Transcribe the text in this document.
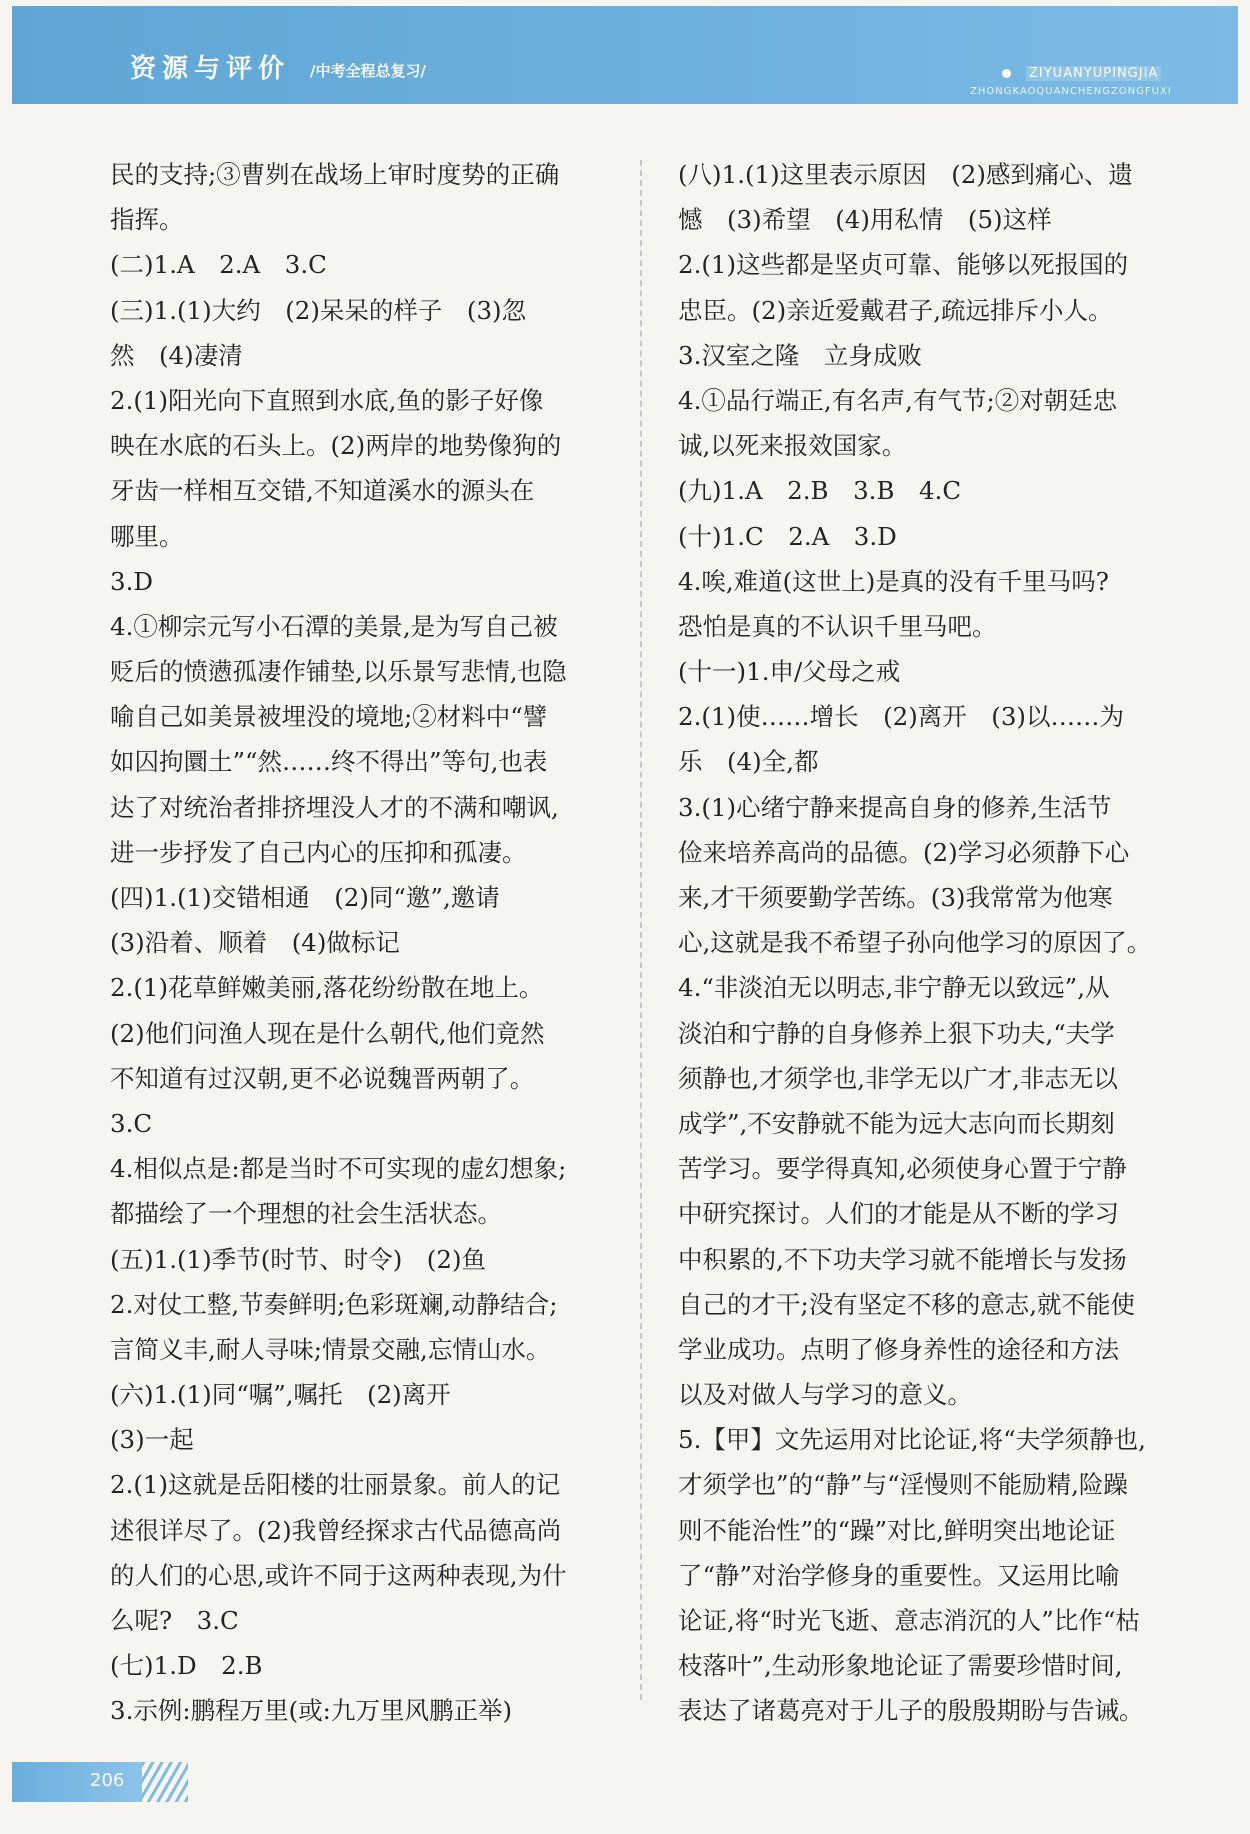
资源与评价 /中考全程总复习/	ZIYUANYUPINGJIA
ZHONGKAOQUANCHENGZONGFUXI
民的支持;③曹刿在战场上审时度势的正确
指挥。
(二)1.A　2.A　3.C
(三)1.(1)大约　(2)呆呆的样子　(3)忽
然　(4)凄清
2.(1)阳光向下直照到水底,鱼的影子好像
映在水底的石头上。(2)两岸的地势像狗的
牙齿一样相互交错,不知道溪水的源头在
哪里。
3.D
4.①柳宗元写小石潭的美景,是为写自己被
贬后的愤懑孤凄作铺垫,以乐景写悲情,也隐
喻自己如美景被埋没的境地;②材料中“譬
如囚拘圜土”“然……终不得出”等句,也表
达了对统治者排挤埋没人才的不满和嘲讽,
进一步抒发了自己内心的压抑和孤凄。
(四)1.(1)交错相通　(2)同“邀”,邀请
(3)沿着、顺着　(4)做标记
2.(1)花草鲜嫩美丽,落花纷纷散在地上。
(2)他们问渔人现在是什么朝代,他们竟然
不知道有过汉朝,更不必说魏晋两朝了。
3.C
4.相似点是:都是当时不可实现的虚幻想象;
都描绘了一个理想的社会生活状态。
(五)1.(1)季节(时节、时令)　(2)鱼
2.对仗工整,节奏鲜明;色彩斑斓,动静结合;
言简义丰,耐人寻味;情景交融,忘情山水。
(六)1.(1)同“嘱”,嘱托　(2)离开
(3)一起
2.(1)这就是岳阳楼的壮丽景象。前人的记
述很详尽了。(2)我曾经探求古代品德高尚
的人们的心思,或许不同于这两种表现,为什
么呢?　3.C
(七)1.D　2.B
3.示例:鹏程万里(或:九万里风鹏正举)
(八)1.(1)这里表示原因　(2)感到痛心、遗
憾　(3)希望　(4)用私情　(5)这样
2.(1)这些都是坚贞可靠、能够以死报国的
忠臣。(2)亲近爱戴君子,疏远排斥小人。
3.汉室之隆　立身成败
4.①品行端正,有名声,有气节;②对朝廷忠
诚,以死来报效国家。
(九)1.A　2.B　3.B　4.C
(十)1.C　2.A　3.D
4.唉,难道(这世上)是真的没有千里马吗?
恐怕是真的不认识千里马吧。
(十一)1.申/父母之戒
2.(1)使……增长　(2)离开　(3)以……为
乐　(4)全,都
3.(1)心绪宁静来提高自身的修养,生活节
俭来培养高尚的品德。(2)学习必须静下心
来,才干须要勤学苦练。(3)我常常为他寒
心,这就是我不希望子孙向他学习的原因了。
4.“非淡泊无以明志,非宁静无以致远”,从
淡泊和宁静的自身修养上狠下功夫,“夫学
须静也,才须学也,非学无以广才,非志无以
成学”,不安静就不能为远大志向而长期刻
苦学习。要学得真知,必须使身心置于宁静
中研究探讨。人们的才能是从不断的学习
中积累的,不下功夫学习就不能增长与发扬
自己的才干;没有坚定不移的意志,就不能使
学业成功。点明了修身养性的途径和方法
以及对做人与学习的意义。
5.【甲】文先运用对比论证,将“夫学须静也,
才须学也”的“静”与“淫慢则不能励精,险躁
则不能治性”的“躁”对比,鲜明突出地论证
了“静”对治学修身的重要性。又运用比喻
论证,将“时光飞逝、意志消沉的人”比作“枯
枝落叶”,生动形象地论证了需要珍惜时间,
表达了诸葛亮对于儿子的殷殷期盼与告诫。
206
